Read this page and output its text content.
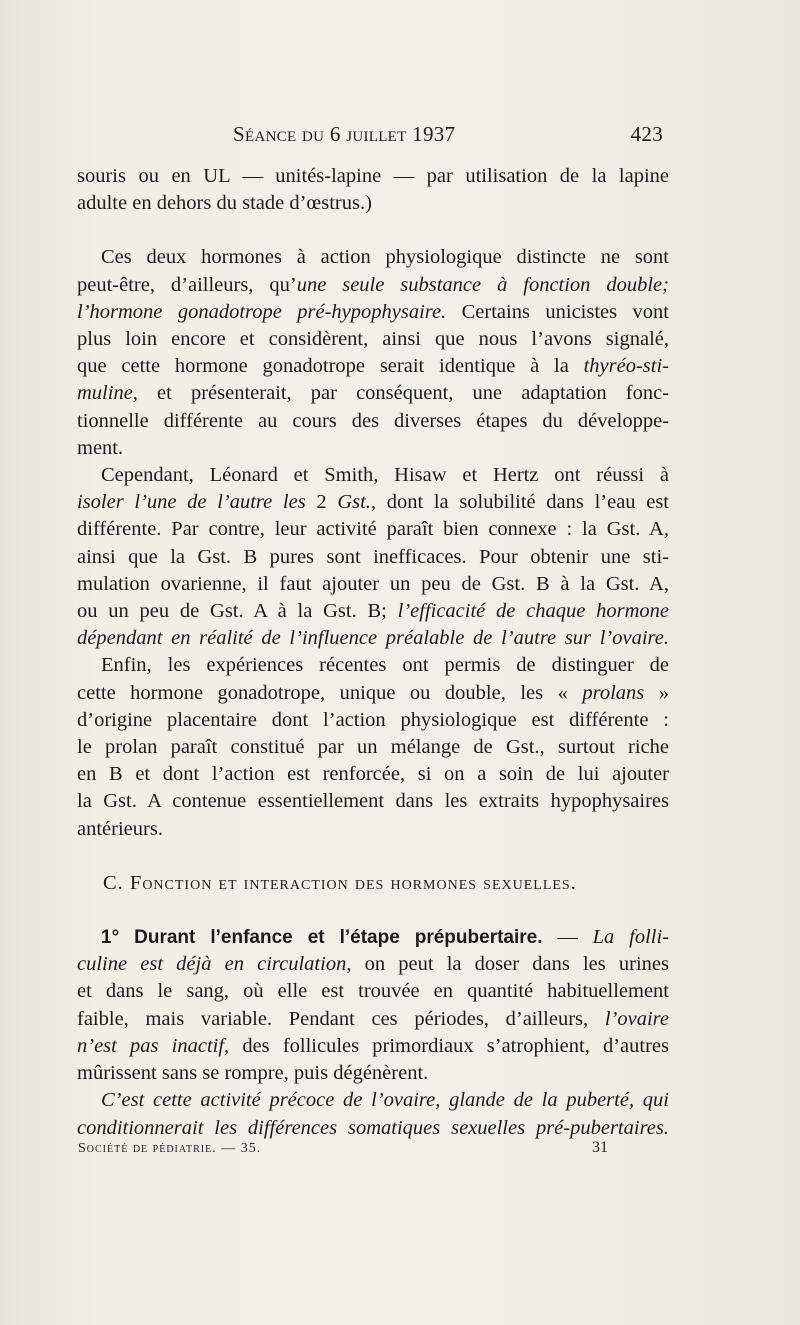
Séance du 6 juillet 1937	423
souris ou en UL — unités-lapine — par utilisation de la lapine
adulte en dehors du stade d’œstrus.)
Ces deux hormones à action physiologique distincte ne sont
peut-être, d’ailleurs, qu’une seule substance à fonction double;
l’hormone gonadotrope pré-hypophysaire. Certains unicistes vont
plus loin encore et considèrent, ainsi que nous l’avons signalé,
que cette hormone gonadotrope serait identique à la thyréo-sti-
muline, et présenterait, par conséquent, une adaptation fonc-
tionnelle différente au cours des diverses étapes du développe-
ment.
Cependant, Léonard et Smith, Hisaw et Hertz ont réussi à
isoler l’une de l’autre les 2 Gst., dont la solubilité dans l’eau est
différente. Par contre, leur activité paraît bien connexe : la Gst. A,
ainsi que la Gst. B pures sont inefficaces. Pour obtenir une sti-
mulation ovarienne, il faut ajouter un peu de Gst. B à la Gst. A,
ou un peu de Gst. A à la Gst. B; l’efficacité de chaque hormone
dépendant en réalité de l’influence préalable de l’autre sur l’ovaire.
Enfin, les expériences récentes ont permis de distinguer de
cette hormone gonadotrope, unique ou double, les « prolans »
d’origine placentaire dont l’action physiologique est différente :
le prolan paraît constitué par un mélange de Gst., surtout riche
en B et dont l’action est renforcée, si on a soin de lui ajouter
la Gst. A contenue essentiellement dans les extraits hypophysaires
antérieurs.
C. Fonction et interaction des hormones sexuelles.
1° Durant l’enfance et l’étape prépubertaire. — La folli-
culine est déjà en circulation, on peut la doser dans les urines
et dans le sang, où elle est trouvée en quantité habituellement
faible, mais variable. Pendant ces périodes, d’ailleurs, l’ovaire
n’est pas inactif, des follicules primordiaux s’atrophient, d’autres
mûrissent sans se rompre, puis dégénèrent.
C’est cette activité précoce de l’ovaire, glande de la puberté, qui
conditionnerait les différences somatiques sexuelles pré-pubertaires.
Société de pédiatrie. — 35.	31
